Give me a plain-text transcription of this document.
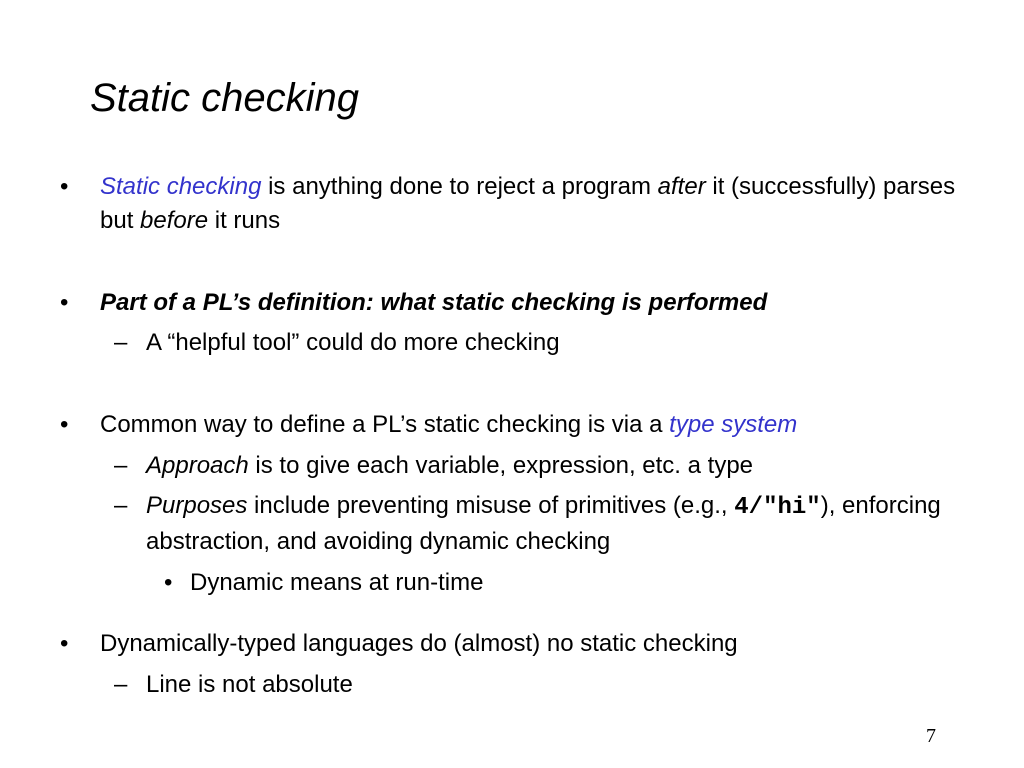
Static checking
• Static checking is anything done to reject a program after it (successfully) parses but before it runs
• Part of a PL’s definition: what static checking is performed
– A “helpful tool” could do more checking
• Common way to define a PL’s static checking is via a type system
– Approach is to give each variable, expression, etc. a type
– Purposes include preventing misuse of primitives (e.g., 4/"hi"), enforcing abstraction, and avoiding dynamic checking
• Dynamic means at run-time
• Dynamically-typed languages do (almost) no static checking
– Line is not absolute
7
